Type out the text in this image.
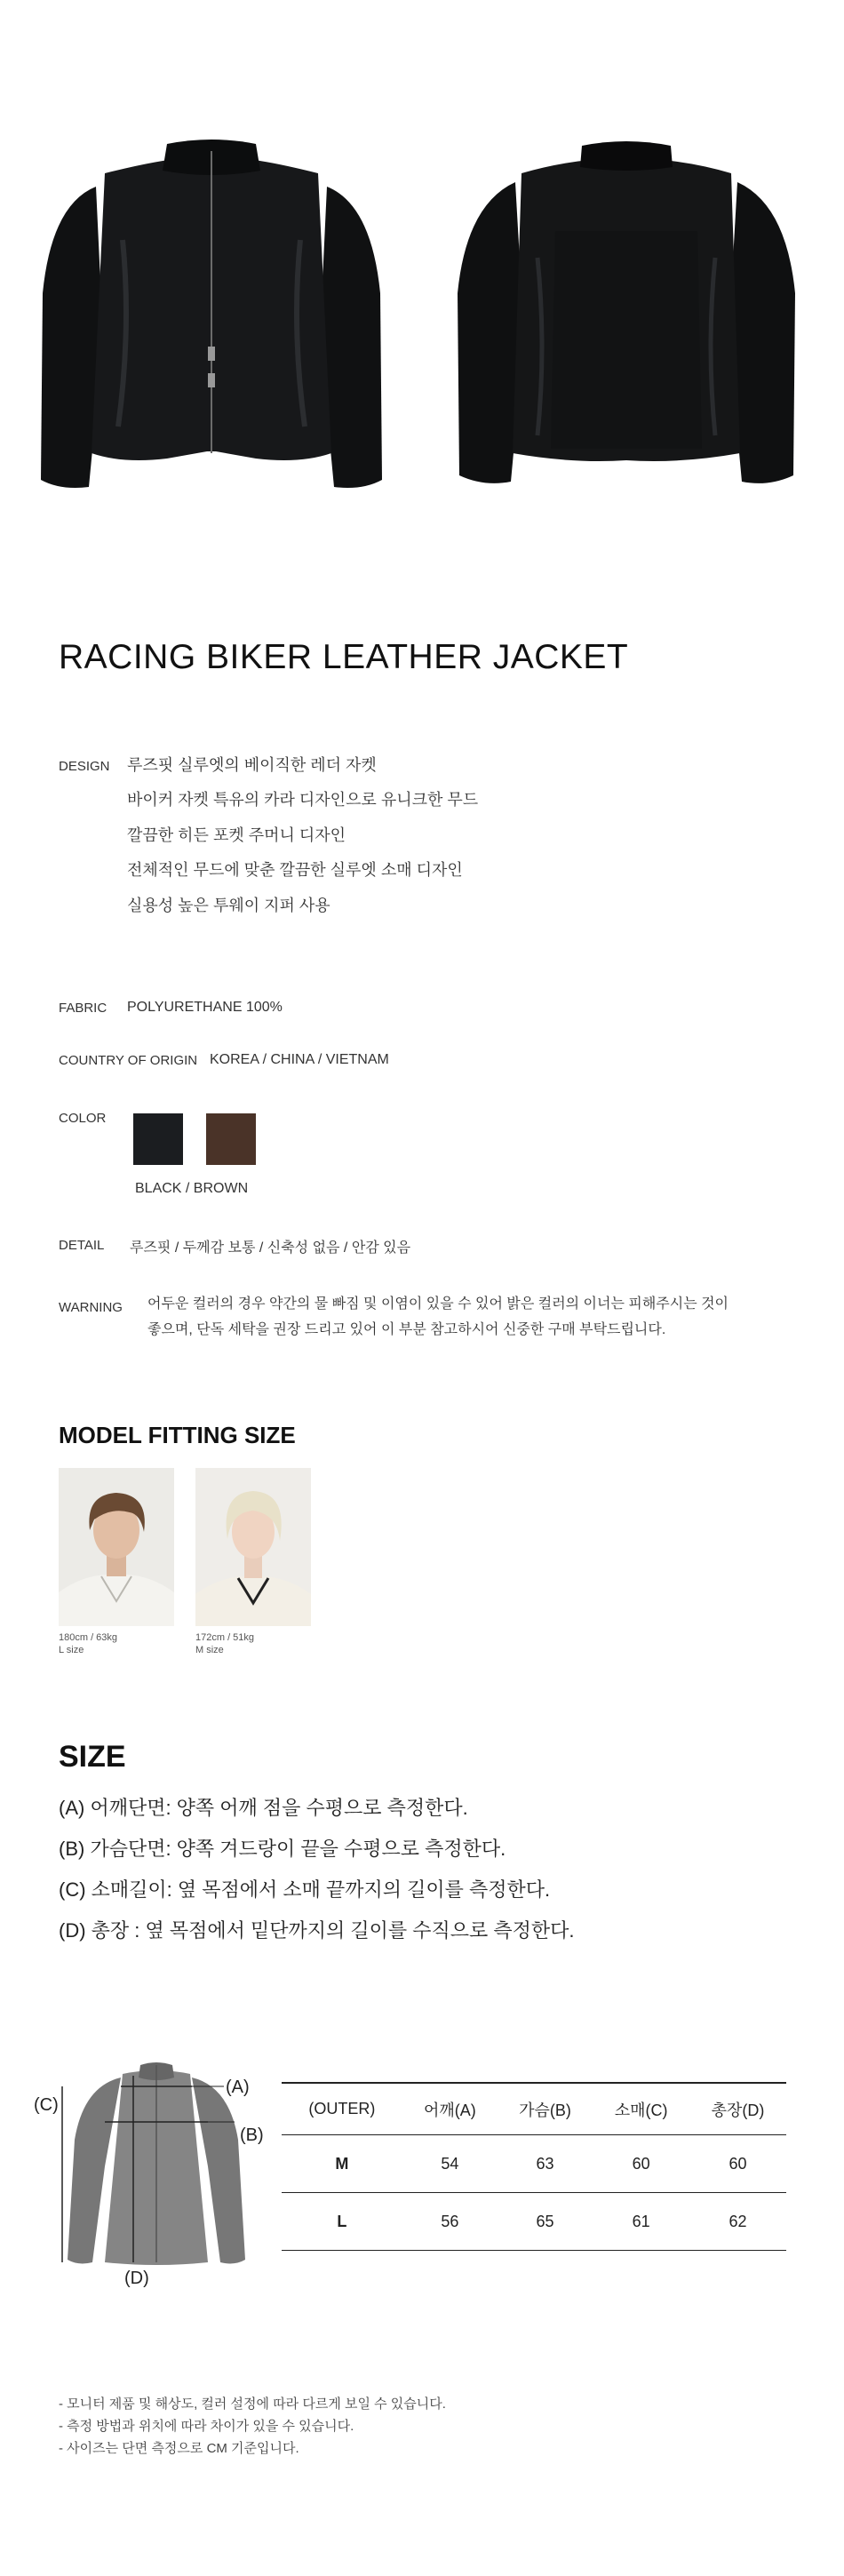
RACING BIKER LEATHER JACKET
DESIGN 루즈핏 실루엣의 베이직한 레더 자켓
바이커 자켓 특유의 카라 디자인으로 유니크한 무드
깔끔한 히든 포켓 주머니 디자인
전체적인 무드에 맞춘 깔끔한 실루엣 소매 디자인
실용성 높은 투웨이 지퍼 사용
FABRIC POLYURETHANE 100%
COUNTRY OF ORIGIN KOREA / CHINA / VIETNAM
COLOR
BLACK / BROWN
DETAIL 루즈핏 / 두께감 보통 / 신축성 없음 / 안감 있음
WARNING 어두운 컬러의 경우 약간의 물 빠짐 및 이염이 있을 수 있어 밝은 컬러의 이너는 피해주시는 것이
좋으며, 단독 세탁을 권장 드리고 있어 이 부분 참고하시어 신중한 구매 부탁드립니다.
MODEL FITTING SIZE
180cm / 63kg
L size
172cm / 51kg
M size
SIZE
(A) 어깨단면: 양쪽 어깨 점을 수평으로 측정한다.
(B) 가슴단면: 양쪽 겨드랑이 끝을 수평으로 측정한다.
(C) 소매길이: 옆 목점에서 소매 끝까지의 길이를 측정한다.
(D) 총장 : 옆 목점에서 밑단까지의 길이를 수직으로 측정한다.
(A)
(B)
(C)
(D)
(OUTER)	어깨(A)	가슴(B)	소매(C)	총장(D)
M	54	63	60	60
L	56	65	61	62
- 모니터 제품 및 해상도, 컬러 설정에 따라 다르게 보일 수 있습니다.
- 측정 방법과 위치에 따라 차이가 있을 수 있습니다.
- 사이즈는 단면 측정으로 CM 기준입니다.
